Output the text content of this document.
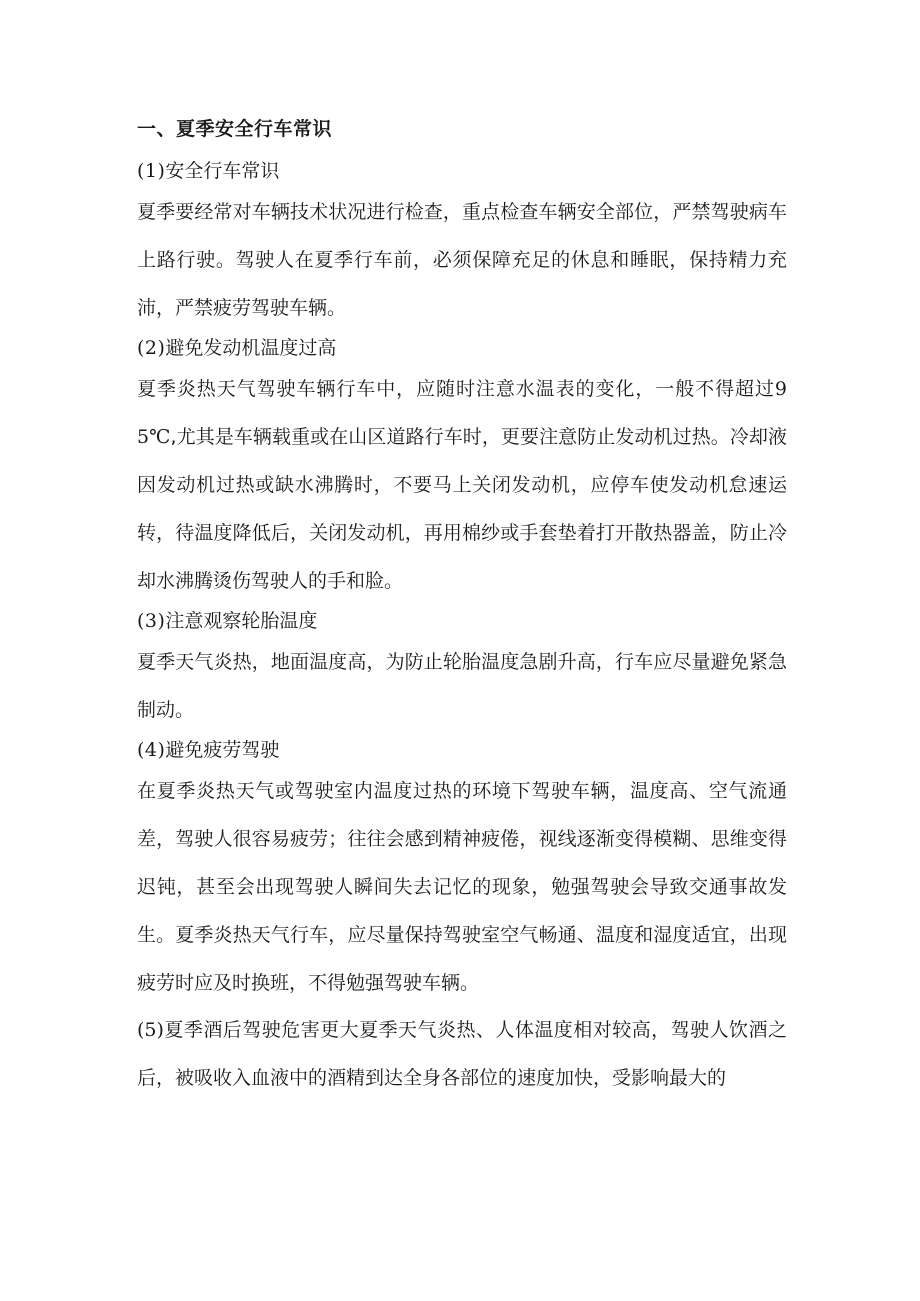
一、夏季安全行车常识
(1)安全行车常识

夏季要经常对车辆技术状况进行检查，重点检查车辆安全部位，严禁驾驶病车上路行驶。驾驶人在夏季行车前，必须保障充足的休息和睡眠，保持精力充沛，严禁疲劳驾驶车辆。

(2)避免发动机温度过高

夏季炎热天气驾驶车辆行车中，应随时注意水温表的变化，一般不得超过95℃,尤其是车辆载重或在山区道路行车时，更要注意防止发动机过热。冷却液因发动机过热或缺水沸腾时，不要马上关闭发动机，应停车使发动机怠速运转，待温度降低后，关闭发动机，再用棉纱或手套垫着打开散热器盖，防止冷却水沸腾烫伤驾驶人的手和脸。

(3)注意观察轮胎温度

夏季天气炎热，地面温度高，为防止轮胎温度急剧升高，行车应尽量避免紧急制动。

(4)避免疲劳驾驶

在夏季炎热天气或驾驶室内温度过热的环境下驾驶车辆，温度高、空气流通差，驾驶人很容易疲劳；往往会感到精神疲倦，视线逐渐变得模糊、思维变得迟钝，甚至会出现驾驶人瞬间失去记忆的现象，勉强驾驶会导致交通事故发生。夏季炎热天气行车，应尽量保持驾驶室空气畅通、温度和湿度适宜，出现疲劳时应及时换班，不得勉强驾驶车辆。

(5)夏季酒后驾驶危害更大夏季天气炎热、人体温度相对较高，驾驶人饮酒之后，被吸收入血液中的酒精到达全身各部位的速度加快，受影响最大的
